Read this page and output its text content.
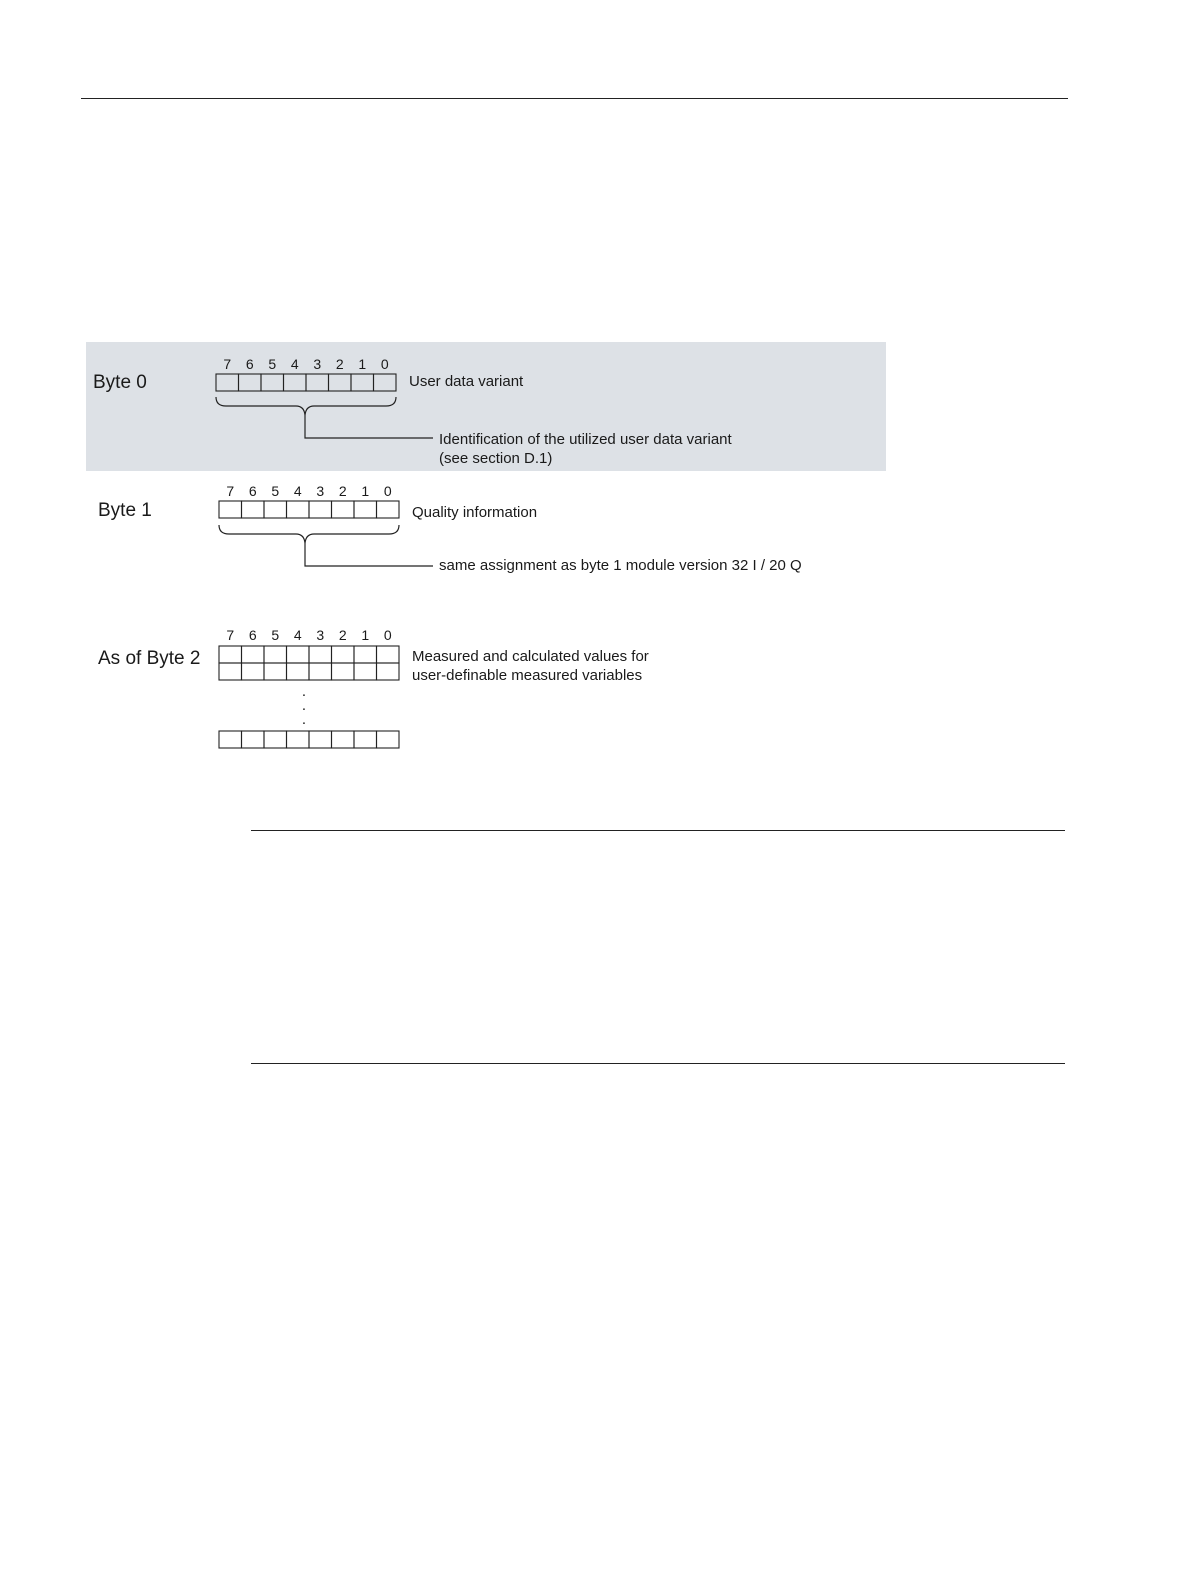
Byte 0
7 6 5 4 3 2 1 0
User data variant
Identification of the utilized user data variant
(see section D.1)
Byte 1
7 6 5 4 3 2 1 0
Quality information
same assignment as byte 1 module version 32 I / 20 Q
As of Byte 2
7 6 5 4 3 2 1 0
Measured and calculated values for
user-definable measured variables
.
.
.
